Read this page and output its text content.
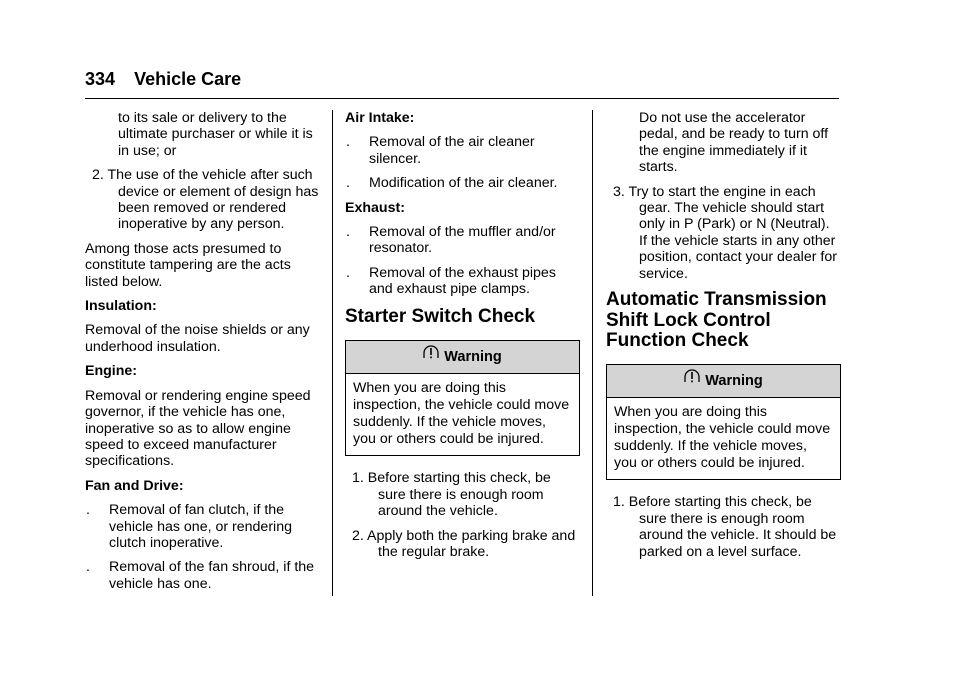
334 Vehicle Care

to its sale or delivery to the ultimate purchaser or while it is in use; or

2. The use of the vehicle after such device or element of design has been removed or rendered inoperative by any person.

Among those acts presumed to constitute tampering are the acts listed below.

Insulation:

Removal of the noise shields or any underhood insulation.

Engine:

Removal or rendering engine speed governor, if the vehicle has one, inoperative so as to allow engine speed to exceed manufacturer specifications.

Fan and Drive:

. Removal of fan clutch, if the vehicle has one, or rendering clutch inoperative.

. Removal of the fan shroud, if the vehicle has one.

Air Intake:

. Removal of the air cleaner silencer.

. Modification of the air cleaner.

Exhaust:

. Removal of the muffler and/or resonator.

. Removal of the exhaust pipes and exhaust pipe clamps.

Starter Switch Check
Warning
When you are doing this inspection, the vehicle could move suddenly. If the vehicle moves, you or others could be injured.

1. Before starting this check, be sure there is enough room around the vehicle.

2. Apply both the parking brake and the regular brake.

Do not use the accelerator pedal, and be ready to turn off the engine immediately if it starts.

3. Try to start the engine in each gear. The vehicle should start only in P (Park) or N (Neutral). If the vehicle starts in any other position, contact your dealer for service.

Automatic Transmission
Shift Lock Control
Function Check
Warning
When you are doing this inspection, the vehicle could move suddenly. If the vehicle moves, you or others could be injured.

1. Before starting this check, be sure there is enough room around the vehicle. It should be parked on a level surface.
